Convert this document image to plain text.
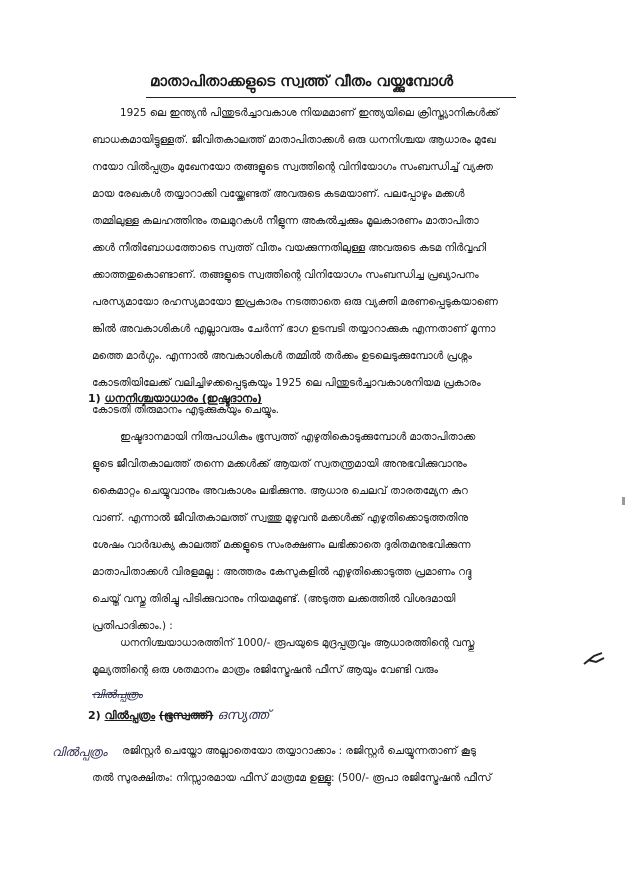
മാതാപിതാക്കളുടെ സ്വത്ത് വീതം വയ്ക്കുമ്പോൾ
1925 ലെ ഇന്ത്യൻ പിന്തുടർച്ചാവകാശ നിയമമാണ് ഇന്ത്യയിലെ ക്രിസ്ത്യാനികൾക്ക്
ബാധകമായിട്ടുള്ളത്. ജീവിതകാലത്ത് മാതാപിതാക്കൾ ഒരു ധനനിശ്ചയ ആധാരം മുഖേ
നയോ വിൽപ്പത്രം മുഖേനയോ തങ്ങളുടെ സ്വത്തിന്റെ വിനിയോഗം സംബന്ധിച്ച് വ്യക്ത
മായ രേഖകൾ തയ്യാറാക്കി വയ്ക്കേണ്ടത് അവരുടെ കടമയാണ്. പലപ്പോഴും മക്കൾ
തമ്മിലുള്ള കലഹത്തിനും തലമുറകൾ നീളുന്ന അകൽച്ചക്കും മൂലകാരണം മാതാപിതാ
ക്കൾ നീതിബോധത്തോടെ സ്വത്ത് വീതം വയക്കുന്നതിലുള്ള അവരുടെ കടമ നിർവ്വഹി
ക്കാത്തതുകൊണ്ടാണ്. തങ്ങളുടെ സ്വത്തിന്റെ വിനിയോഗം സംബന്ധിച്ച പ്രഖ്യാപനം
പരസ്യമായോ രഹസ്യമായോ ഇപ്രകാരം നടത്താതെ ഒരു വ്യക്തി മരണപ്പെടുകയാണെ
ങ്കിൽ അവകാശികൾ എല്ലാവരും ചേർന്ന് ഭാഗ ഉടമ്പടി തയ്യാറാക്കുക എന്നതാണ് മൂന്നാ
മത്തെ മാർഗ്ഗം. എന്നാൽ അവകാശികൾ തമ്മിൽ തർക്കം ഉടലെടുക്കുമ്പോൾ പ്രശ്നം
കോടതിയിലേക്ക് വലിച്ചിഴക്കപ്പെടുകയും 1925 ലെ പിന്തുടർച്ചാവകാശനിയമ പ്രകാരം
കോടതി തീരുമാനം എടുക്കുകയും ചെയ്യും.
1) ധനനിശ്ചയാധാരം (ഇഷ്ടദാനം)
ഇഷ്ടദാനമായി നിരുപാധികം ഭൂസ്വത്ത് എഴുതികൊടുക്കുമ്പോൾ മാതാപിതാക്ക
ളുടെ ജീവിതകാലത്ത് തന്നെ മക്കൾക്ക് ആയത് സ്വതന്ത്രമായി അനുഭവിക്കുവാനും
കൈമാറ്റം ചെയ്യുവാനും അവകാശം ലഭിക്കുന്നു. ആധാര ചെലവ് താരതമ്യേന കുറ
വാണ്. എന്നാൽ ജീവിതകാലത്ത് സ്വത്തു മുഴുവൻ മക്കൾക്ക് എഴുതിക്കൊടുത്തതിനു
ശേഷം വാർദ്ധക്യ കാലത്ത് മക്കളുടെ സംരക്ഷണം ലഭിക്കാതെ ദുരിതമനുഭവിക്കുന്ന
മാതാപിതാക്കൾ വിരളമല്ല : അത്തരം കേസുകളിൽ എഴുതിക്കൊടുത്ത പ്രമാണം റദ്ദു
ചെയ്ത് വസ്തു തിരിച്ചു പിടിക്കുവാനും നിയമമുണ്ട്. (അടുത്ത ലക്കത്തിൽ വിശദമായി
പ്രതിപാദിക്കാം.) :
ധനനിശ്ചയാധാരത്തിന് 1000/- രൂപയുടെ മുദ്രപ്പത്രവും ആധാരത്തിന്റെ വസ്തു
മൂല്യത്തിന്റെ ഒരു ശതമാനം മാത്രം രജിസ്ട്രേഷൻ ഫീസ് ആയും വേണ്ടി വരും
വിൽപ്പത്രം
2) വിൽപ്പത്രം (ഭൂസ്വത്ത്) ഒസ്യത്ത്
വിൽപ്പത്രം രജിസ്റ്റർ ചെയ്തോ അല്ലാതെയോ തയ്യാറാക്കാം : രജിസ്റ്റർ ചെയ്യുന്നതാണ് കൂടു
തൽ സുരക്ഷിതം: നിസ്സാരമായ ഫീസ് മാത്രമേ ഉള്ളു: (500/- രൂപാ രജിസ്ട്രേഷൻ ഫീസ്
